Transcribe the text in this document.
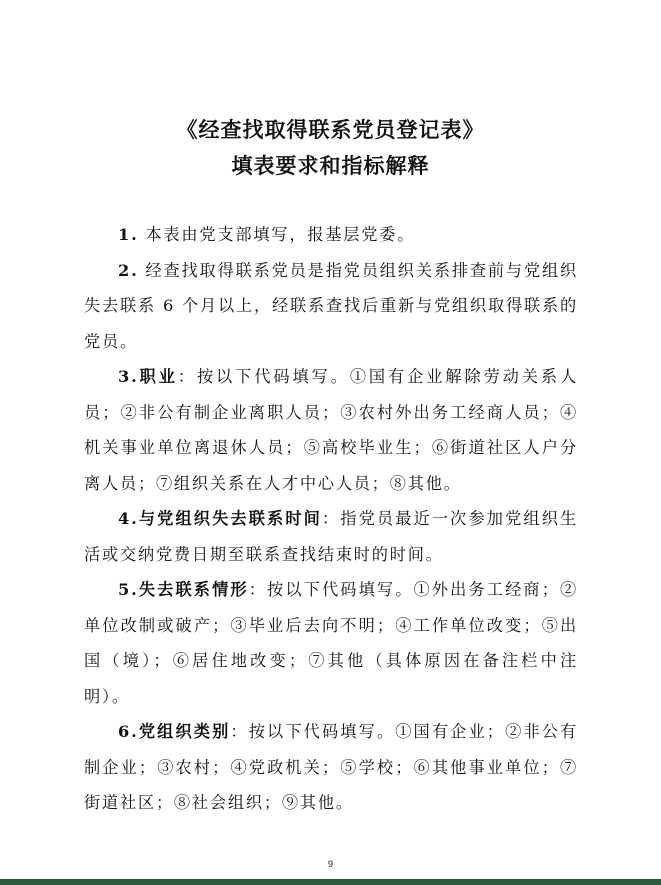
《经查找取得联系党员登记表》
填表要求和指标解释

1. 本表由党支部填写，报基层党委。

2. 经查找取得联系党员是指党员组织关系排查前与党组织失去联系 6 个月以上，经联系查找后重新与党组织取得联系的党员。

3.职业：按以下代码填写。①国有企业解除劳动关系人员；②非公有制企业离职人员；③农村外出务工经商人员；④机关事业单位离退休人员；⑤高校毕业生；⑥街道社区人户分离人员；⑦组织关系在人才中心人员；⑧其他。

4.与党组织失去联系时间：指党员最近一次参加党组织生活或交纳党费日期至联系查找结束时的时间。

5.失去联系情形：按以下代码填写。①外出务工经商；②单位改制或破产；③毕业后去向不明；④工作单位改变；⑤出国（境）；⑥居住地改变；⑦其他（具体原因在备注栏中注明）。

6.党组织类别：按以下代码填写。①国有企业；②非公有制企业；③农村；④党政机关；⑤学校；⑥其他事业单位；⑦街道社区；⑧社会组织；⑨其他。

9
